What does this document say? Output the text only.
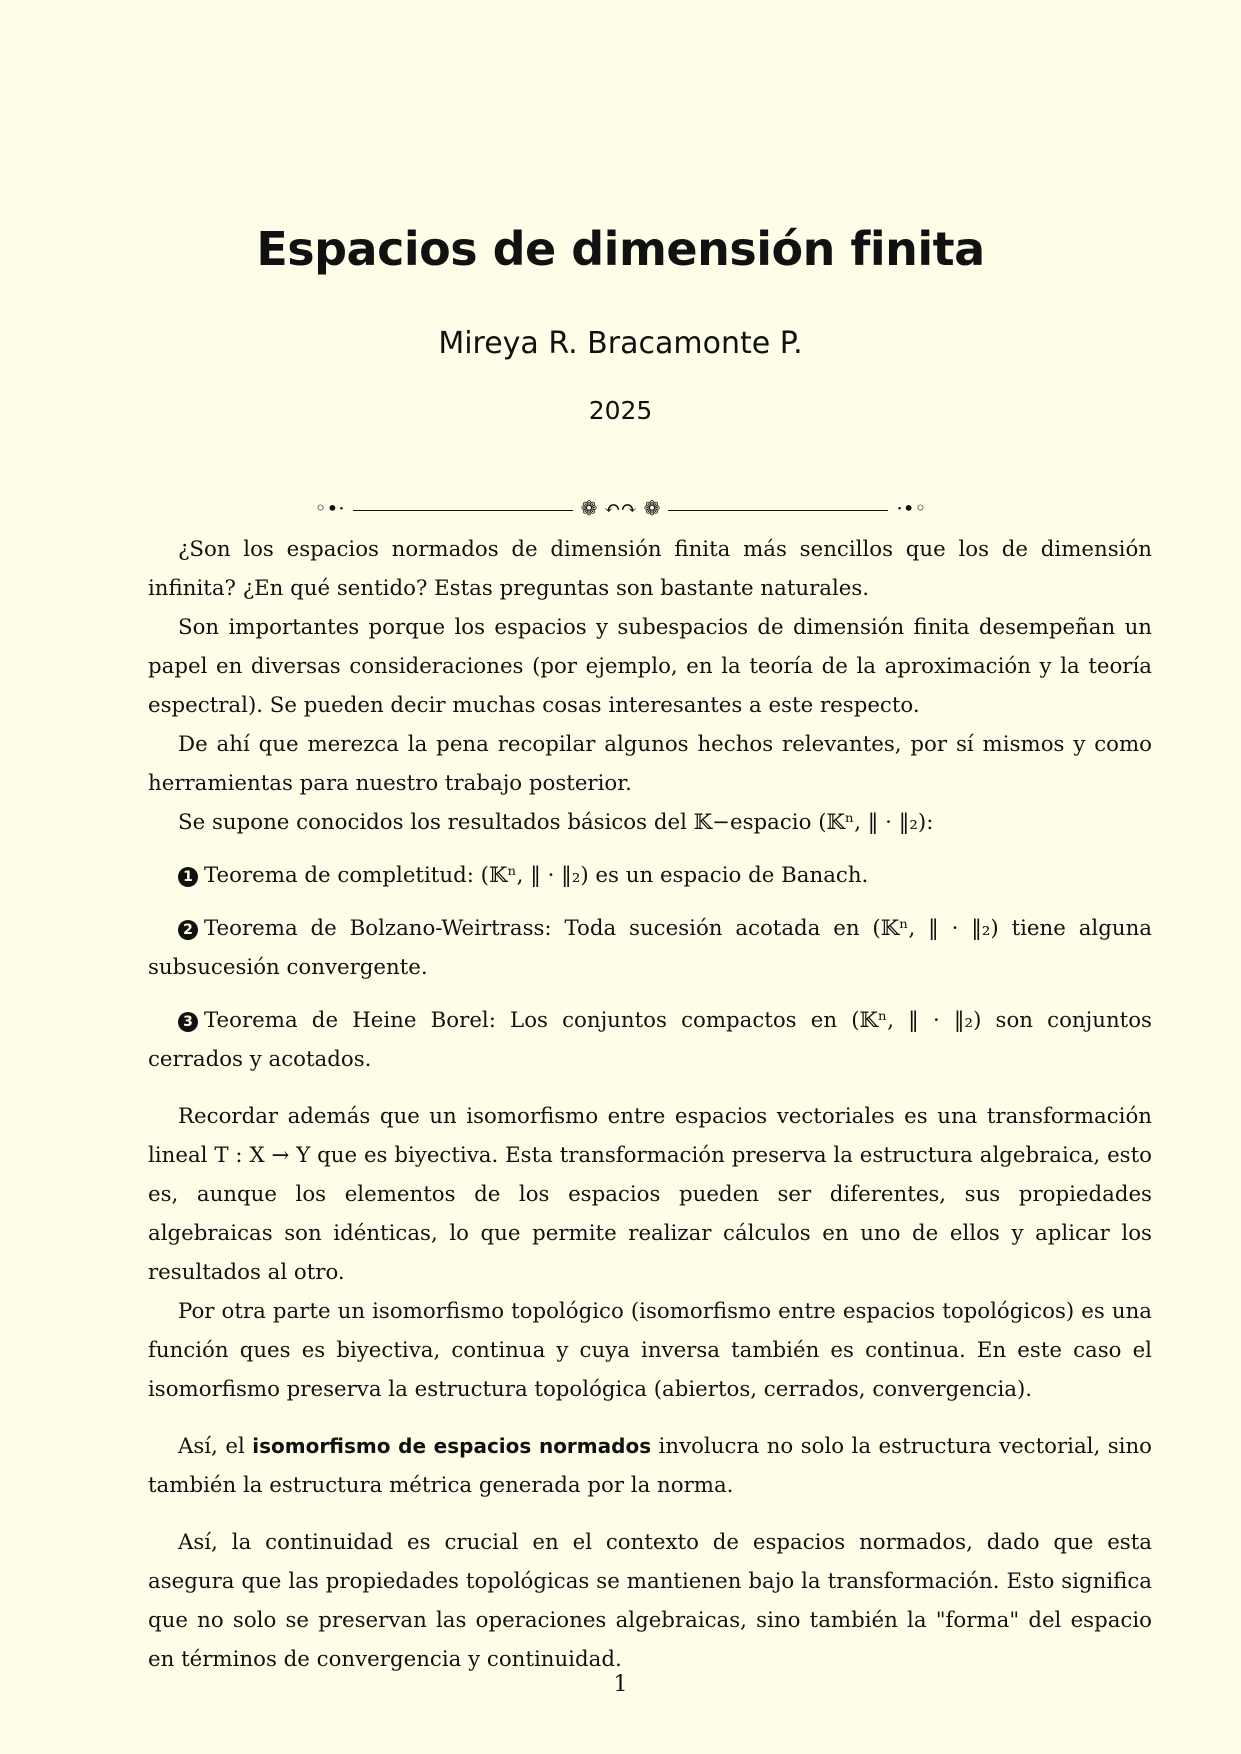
Espacios de dimensión finita
Mireya R. Bracamonte P.
2025
◦•·	❁ ↶↷ ❁	·•◦

¿Son los espacios normados de dimensión finita más sencillos que los de dimensión infinita? ¿En qué sentido? Estas preguntas son bastante naturales.

Son importantes porque los espacios y subespacios de dimensión finita desempeñan un papel en diversas consideraciones (por ejemplo, en la teoría de la aproximación y la teoría espectral). Se pueden decir muchas cosas interesantes a este respecto.

De ahí que merezca la pena recopilar algunos hechos relevantes, por sí mismos y como herramientas para nuestro trabajo posterior.

Se supone conocidos los resultados básicos del 𝕂−espacio (𝕂ⁿ, ‖ · ‖₂):

1 Teorema de completitud: (𝕂ⁿ, ‖ · ‖₂) es un espacio de Banach.

2 Teorema de Bolzano-Weirtrass: Toda sucesión acotada en (𝕂ⁿ, ‖ · ‖₂) tiene alguna subsucesión convergente.

3 Teorema de Heine Borel: Los conjuntos compactos en (𝕂ⁿ, ‖ · ‖₂) son conjuntos cerrados y acotados.

Recordar además que un isomorfismo entre espacios vectoriales es una transformación lineal T : X → Y que es biyectiva. Esta transformación preserva la estructura algebraica, esto es, aunque los elementos de los espacios pueden ser diferentes, sus propiedades algebraicas son idénticas, lo que permite realizar cálculos en uno de ellos y aplicar los resultados al otro.

Por otra parte un isomorfismo topológico (isomorfismo entre espacios topológicos) es una función ques es biyectiva, continua y cuya inversa también es continua. En este caso el isomorfismo preserva la estructura topológica (abiertos, cerrados, convergencia).

Así, el isomorfismo de espacios normados involucra no solo la estructura vectorial, sino también la estructura métrica generada por la norma.

Así, la continuidad es crucial en el contexto de espacios normados, dado que esta asegura que las propiedades topológicas se mantienen bajo la transformación. Esto significa que no solo se preservan las operaciones algebraicas, sino también la "forma" del espacio en términos de convergencia y continuidad.

1
